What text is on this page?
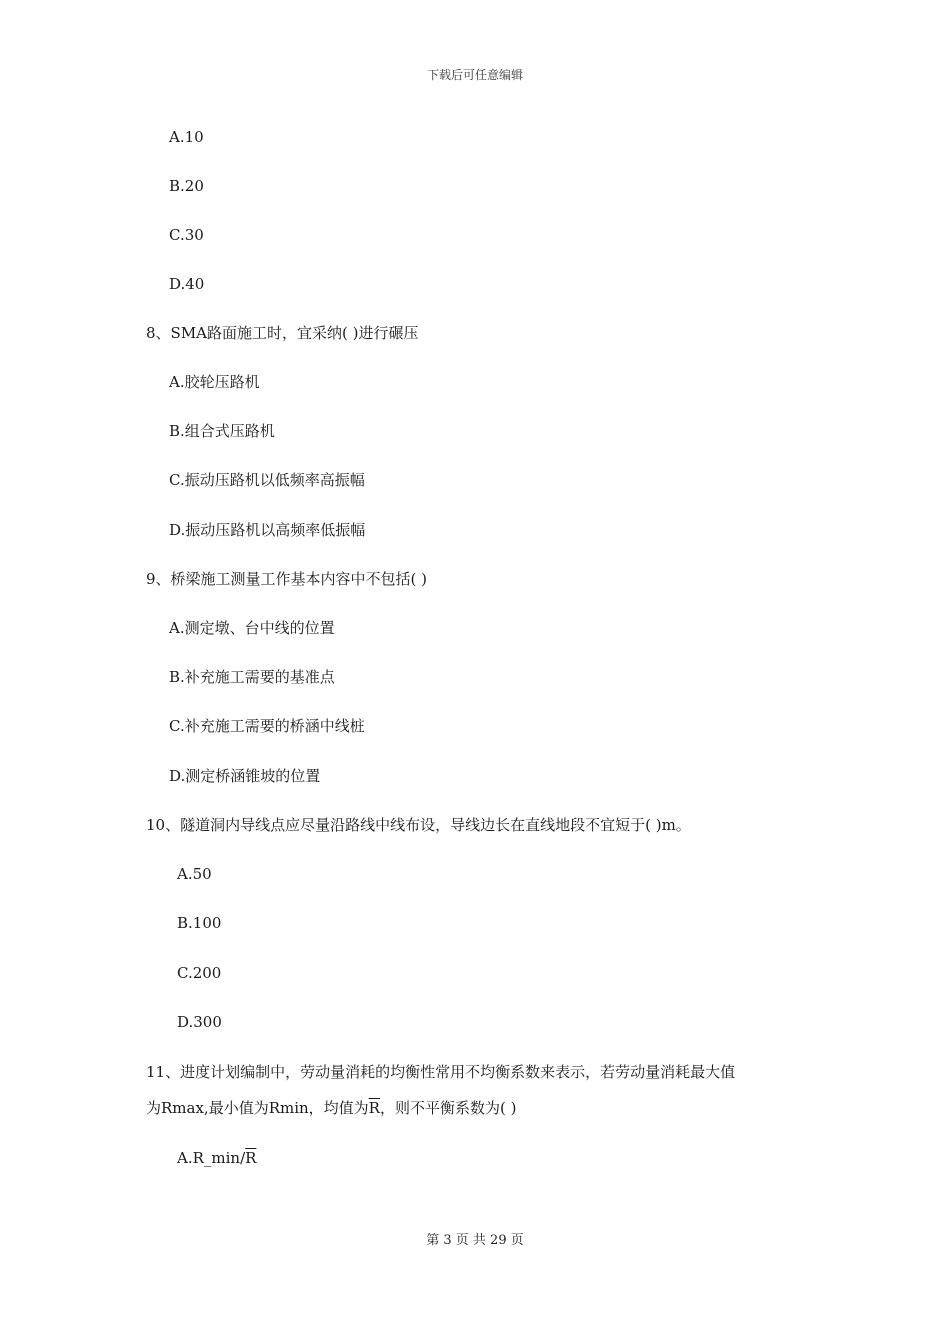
下载后可任意编辑
A.10
B.20
C.30
D.40
8、SMA路面施工时，宜采纳( )进行碾压
A.胶轮压路机
B.组合式压路机
C.振动压路机以低频率高振幅
D.振动压路机以高频率低振幅
9、桥梁施工测量工作基本内容中不包括( )
A.测定墩、台中线的位置
B.补充施工需要的基准点
C.补充施工需要的桥涵中线桩
D.测定桥涵锥坡的位置
10、隧道洞内导线点应尽量沿路线中线布设，导线边长在直线地段不宜短于( )m。
A.50
B.100
C.200
D.300
11、进度计划编制中，劳动量消耗的均衡性常用不均衡系数来表示，若劳动量消耗最大值
为Rmax,最小值为Rmin，均值为$\overline{R}$，则不平衡系数为( )
$A.R\_\min/\overline{R}$
第 3 页 共 29 页
